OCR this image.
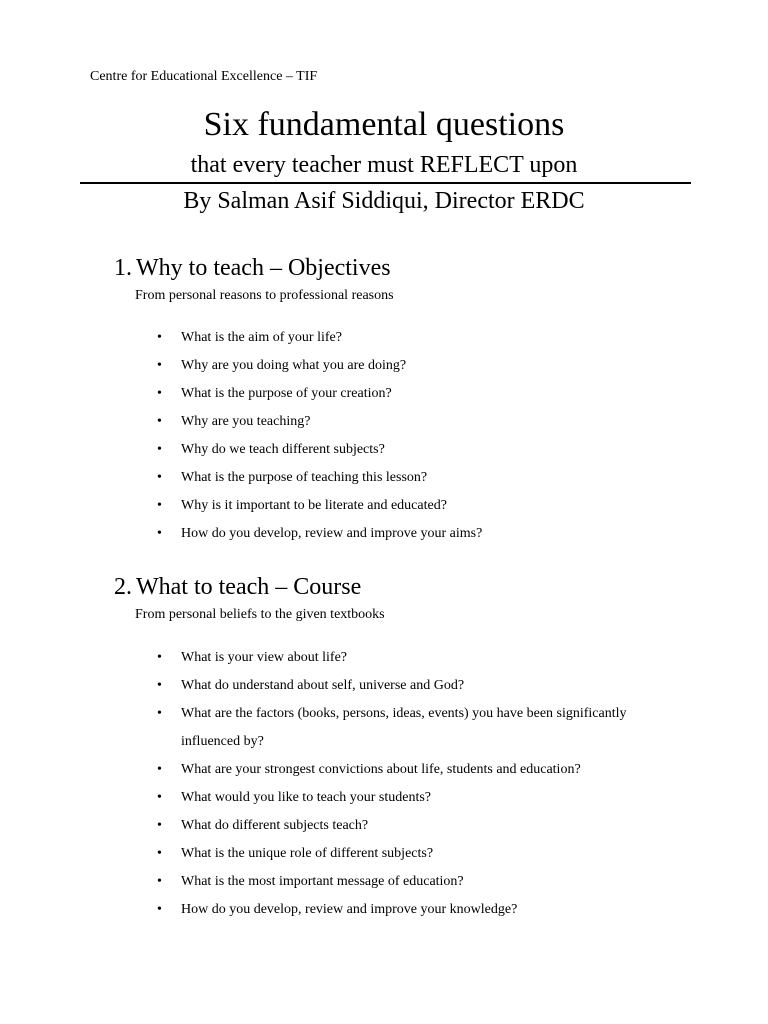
Centre for Educational Excellence – TIF
Six fundamental questions
that every teacher must REFLECT upon
By Salman Asif Siddiqui, Director ERDC
1. Why to teach – Objectives
From personal reasons to professional reasons
• What is the aim of your life?
• Why are you doing what you are doing?
• What is the purpose of your creation?
• Why are you teaching?
• Why do we teach different subjects?
• What is the purpose of teaching this lesson?
• Why is it important to be literate and educated?
• How do you develop, review and improve your aims?
2. What to teach – Course
From personal beliefs to the given textbooks
• What is your view about life?
• What do understand about self, universe and God?
• What are the factors (books, persons, ideas, events) you have been significantly influenced by?
• What are your strongest convictions about life, students and education?
• What would you like to teach your students?
• What do different subjects teach?
• What is the unique role of different subjects?
• What is the most important message of education?
• How do you develop, review and improve your knowledge?
